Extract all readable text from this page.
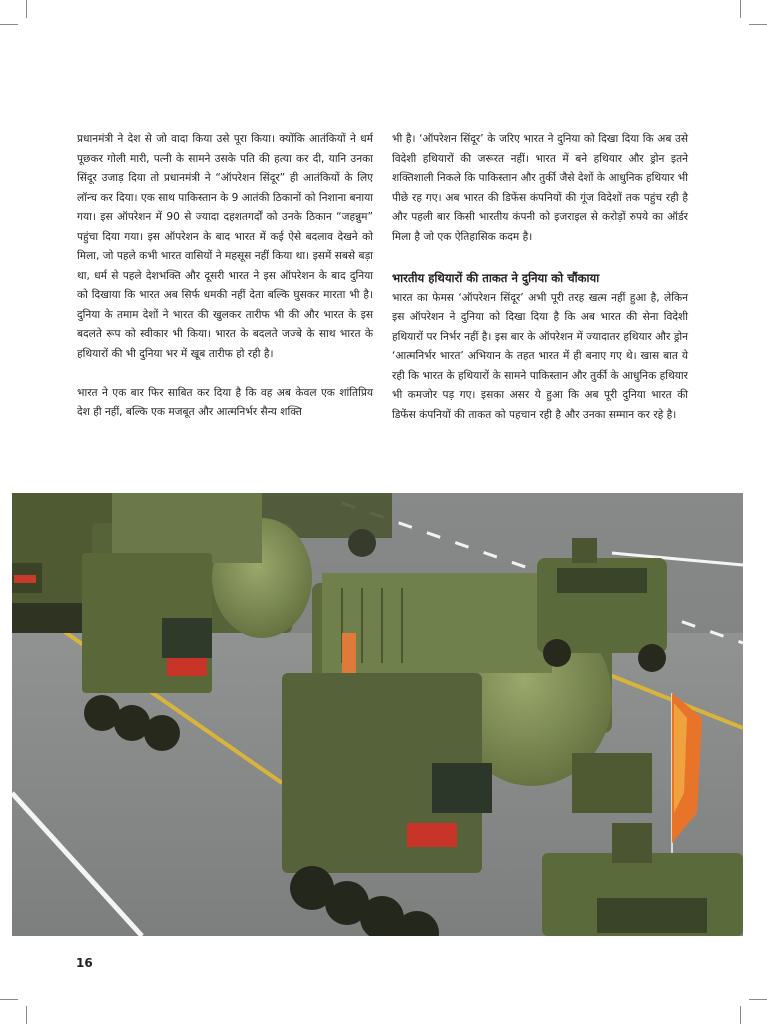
प्रधानमंत्री ने देश से जो वादा किया उसे पूरा किया। क्योंकि आतंकियों ने धर्म पूछकर गोली मारी, पत्नी के सामने उसके पति की हत्या कर दी, यानि उनका सिंदूर उजाड़ दिया तो प्रधानमंत्री ने “ऑपरेशन सिंदूर” ही आतंकियों के लिए लॉन्च कर दिया। एक साथ पाकिस्तान के 9 आतंकी ठिकानों को निशाना बनाया गया। इस ऑपरेशन में 90 से ज्यादा दहशतगर्दों को उनके ठिकान “जहन्नुम” पहुंचा दिया गया। इस ऑपरेशन के बाद भारत में कई ऐसे बदलाव देखने को मिला, जो पहले कभी भारत वासियों ने महसूस नहीं किया था। इसमें सबसे बड़ा था, धर्म से पहले देशभक्ति और दूसरी भारत ने इस ऑपरेशन के बाद दुनिया को दिखाया कि भारत अब सिर्फ धमकी नहीं देता बल्कि घुसकर मारता भी है। दुनिया के तमाम देशों ने भारत की खुलकर तारीफ भी की और भारत के इस बदलते रूप को स्वीकार भी किया। भारत के बदलते जज्बे के साथ भारत के हथियारों की भी दुनिया भर में खूब तारीफ हो रही है।

भारत ने एक बार फिर साबित कर दिया है कि वह अब केवल एक शांतिप्रिय देश ही नहीं, बल्कि एक मजबूत और आत्मनिर्भर सैन्य शक्ति

भी है। ‘ऑपरेशन सिंदूर’ के जरिए भारत ने दुनिया को दिखा दिया कि अब उसे विदेशी हथियारों की जरूरत नहीं। भारत में बने हथियार और ड्रोन इतने शक्तिशाली निकले कि पाकिस्तान और तुर्की जैसे देशों के आधुनिक हथियार भी पीछे रह गए। अब भारत की डिफेंस कंपनियों की गूंज विदेशों तक पहुंच रही है और पहली बार किसी भारतीय कंपनी को इजराइल से करोड़ों रुपये का ऑर्डर मिला है जो एक ऐतिहासिक कदम है।

भारतीय हथियारों की ताकत ने दुनिया को चौंकाया

भारत का फेमस ‘ऑपरेशन सिंदूर’ अभी पूरी तरह खत्म नहीं हुआ है, लेकिन इस ऑपरेशन ने दुनिया को दिखा दिया है कि अब भारत की सेना विदेशी हथियारों पर निर्भर नहीं है। इस बार के ऑपरेशन में ज्यादातर हथियार और ड्रोन ‘आत्मनिर्भर भारत’ अभियान के तहत भारत में ही बनाए गए थे। खास बात ये रही कि भारत के हथियारों के सामने पाकिस्तान और तुर्की के आधुनिक हथियार भी कमजोर पड़ गए। इसका असर ये हुआ कि अब पूरी दुनिया भारत की डिफेंस कंपनियों की ताकत को पहचान रही है और उनका सम्मान कर रहे है।

16
